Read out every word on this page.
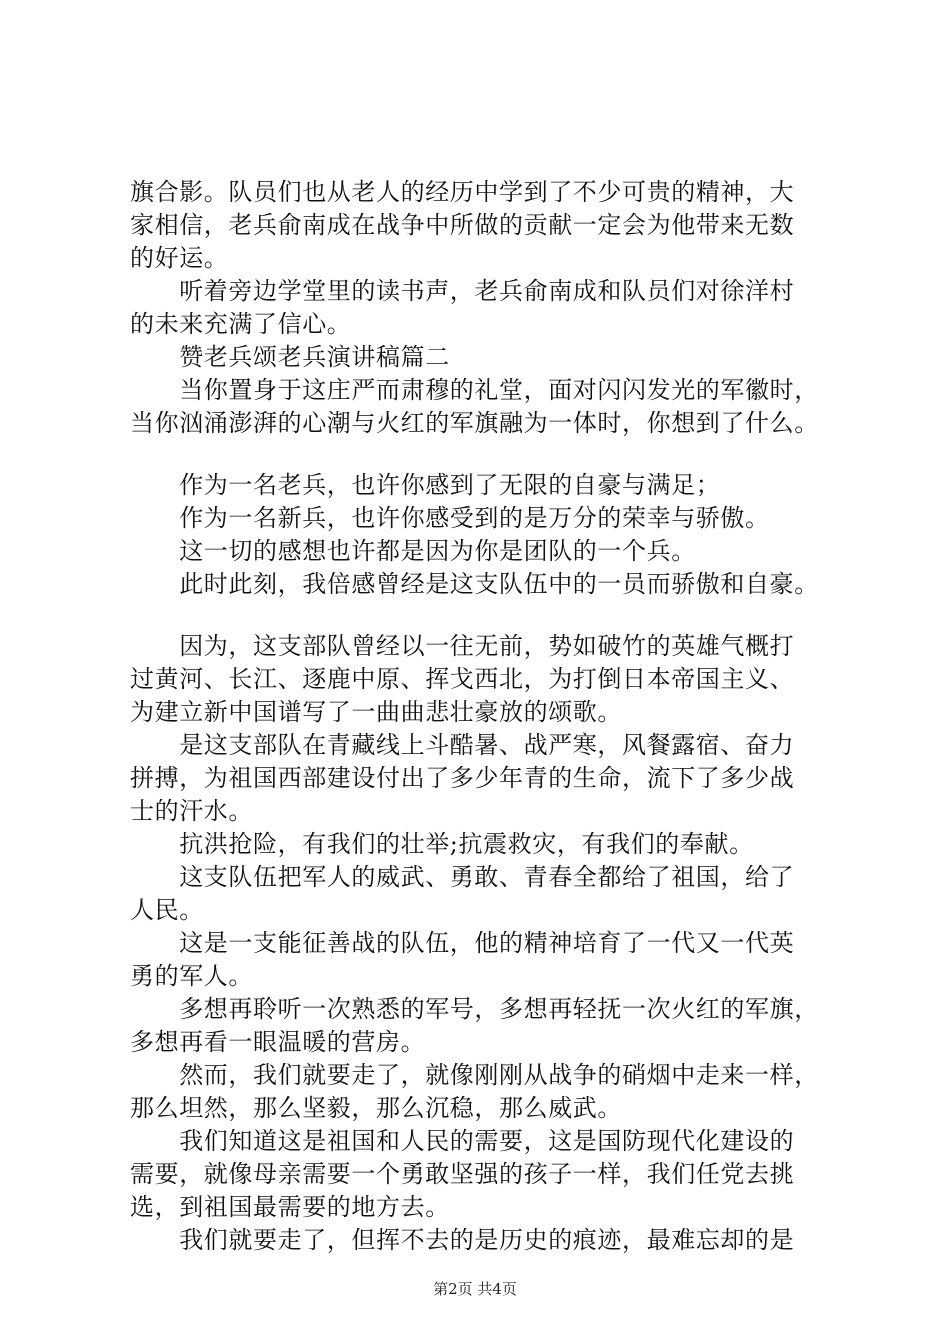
旗合影。队员们也从老人的经历中学到了不少可贵的精神，大
家相信，老兵俞南成在战争中所做的贡献一定会为他带来无数
的好运。
　　听着旁边学堂里的读书声，老兵俞南成和队员们对徐洋村
的未来充满了信心。
　　赞老兵颂老兵演讲稿篇二
　　当你置身于这庄严而肃穆的礼堂，面对闪闪发光的军徽时，
当你汹涌澎湃的心潮与火红的军旗融为一体时，你想到了什么。
　　作为一名老兵，也许你感到了无限的自豪与满足；
　　作为一名新兵，也许你感受到的是万分的荣幸与骄傲。
　　这一切的感想也许都是因为你是团队的一个兵。
　　此时此刻，我倍感曾经是这支队伍中的一员而骄傲和自豪。
　　因为，这支部队曾经以一往无前，势如破竹的英雄气概打
过黄河、长江、逐鹿中原、挥戈西北，为打倒日本帝国主义、
为建立新中国谱写了一曲曲悲壮豪放的颂歌。
　　是这支部队在青藏线上斗酷暑、战严寒，风餐露宿、奋力
拼搏，为祖国西部建设付出了多少年青的生命，流下了多少战
士的汗水。
　　抗洪抢险，有我们的壮举;抗震救灾，有我们的奉献。
　　这支队伍把军人的威武、勇敢、青春全都给了祖国，给了
人民。
　　这是一支能征善战的队伍，他的精神培育了一代又一代英
勇的军人。
　　多想再聆听一次熟悉的军号，多想再轻抚一次火红的军旗，
多想再看一眼温暖的营房。
　　然而，我们就要走了，就像刚刚从战争的硝烟中走来一样，
那么坦然，那么坚毅，那么沉稳，那么威武。
　　我们知道这是祖国和人民的需要，这是国防现代化建设的
需要，就像母亲需要一个勇敢坚强的孩子一样，我们任党去挑
选，到祖国最需要的地方去。
　　我们就要走了，但挥不去的是历史的痕迹，最难忘却的是
第2页 共4页
